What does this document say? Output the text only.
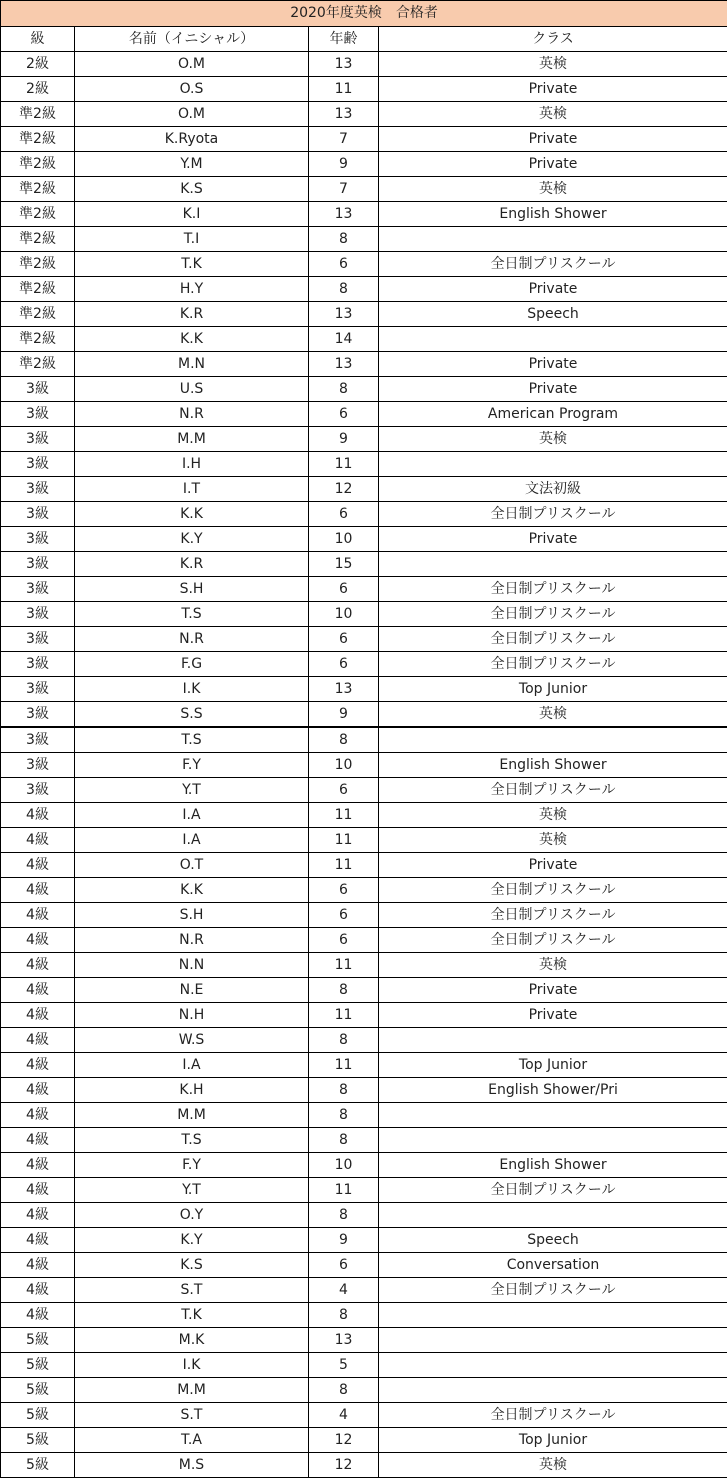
2020年度英検　合格者			
級	名前（イニシャル）	年齢	クラス
2級	O.M	13	英検
2級	O.S	11	Private
準2級	O.M	13	英検
準2級	K.Ryota	7	Private
準2級	Y.M	9	Private
準2級	K.S	7	英検
準2級	K.I	13	English Shower
準2級	T.I	8	
準2級	T.K	6	全日制プリスクール
準2級	H.Y	8	Private
準2級	K.R	13	Speech
準2級	K.K	14	
準2級	M.N	13	Private
3級	U.S	8	Private
3級	N.R	6	American Program
3級	M.M	9	英検
3級	I.H	11	
3級	I.T	12	文法初級
3級	K.K	6	全日制プリスクール
3級	K.Y	10	Private
3級	K.R	15	
3級	S.H	6	全日制プリスクール
3級	T.S	10	全日制プリスクール
3級	N.R	6	全日制プリスクール
3級	F.G	6	全日制プリスクール
3級	I.K	13	Top Junior
3級	S.S	9	英検
3級	T.S	8	
3級	F.Y	10	English Shower
3級	Y.T	6	全日制プリスクール
4級	I.A	11	英検
4級	I.A	11	英検
4級	O.T	11	Private
4級	K.K	6	全日制プリスクール
4級	S.H	6	全日制プリスクール
4級	N.R	6	全日制プリスクール
4級	N.N	11	英検
4級	N.E	8	Private
4級	N.H	11	Private
4級	W.S	8	
4級	I.A	11	Top Junior
4級	K.H	8	English Shower/Pri
4級	M.M	8	
4級	T.S	8	
4級	F.Y	10	English Shower
4級	Y.T	11	全日制プリスクール
4級	O.Y	8	
4級	K.Y	9	Speech
4級	K.S	6	Conversation
4級	S.T	4	全日制プリスクール
4級	T.K	8	
5級	M.K	13	
5級	I.K	5	
5級	M.M	8	
5級	S.T	4	全日制プリスクール
5級	T.A	12	Top Junior
5級	M.S	12	英検
